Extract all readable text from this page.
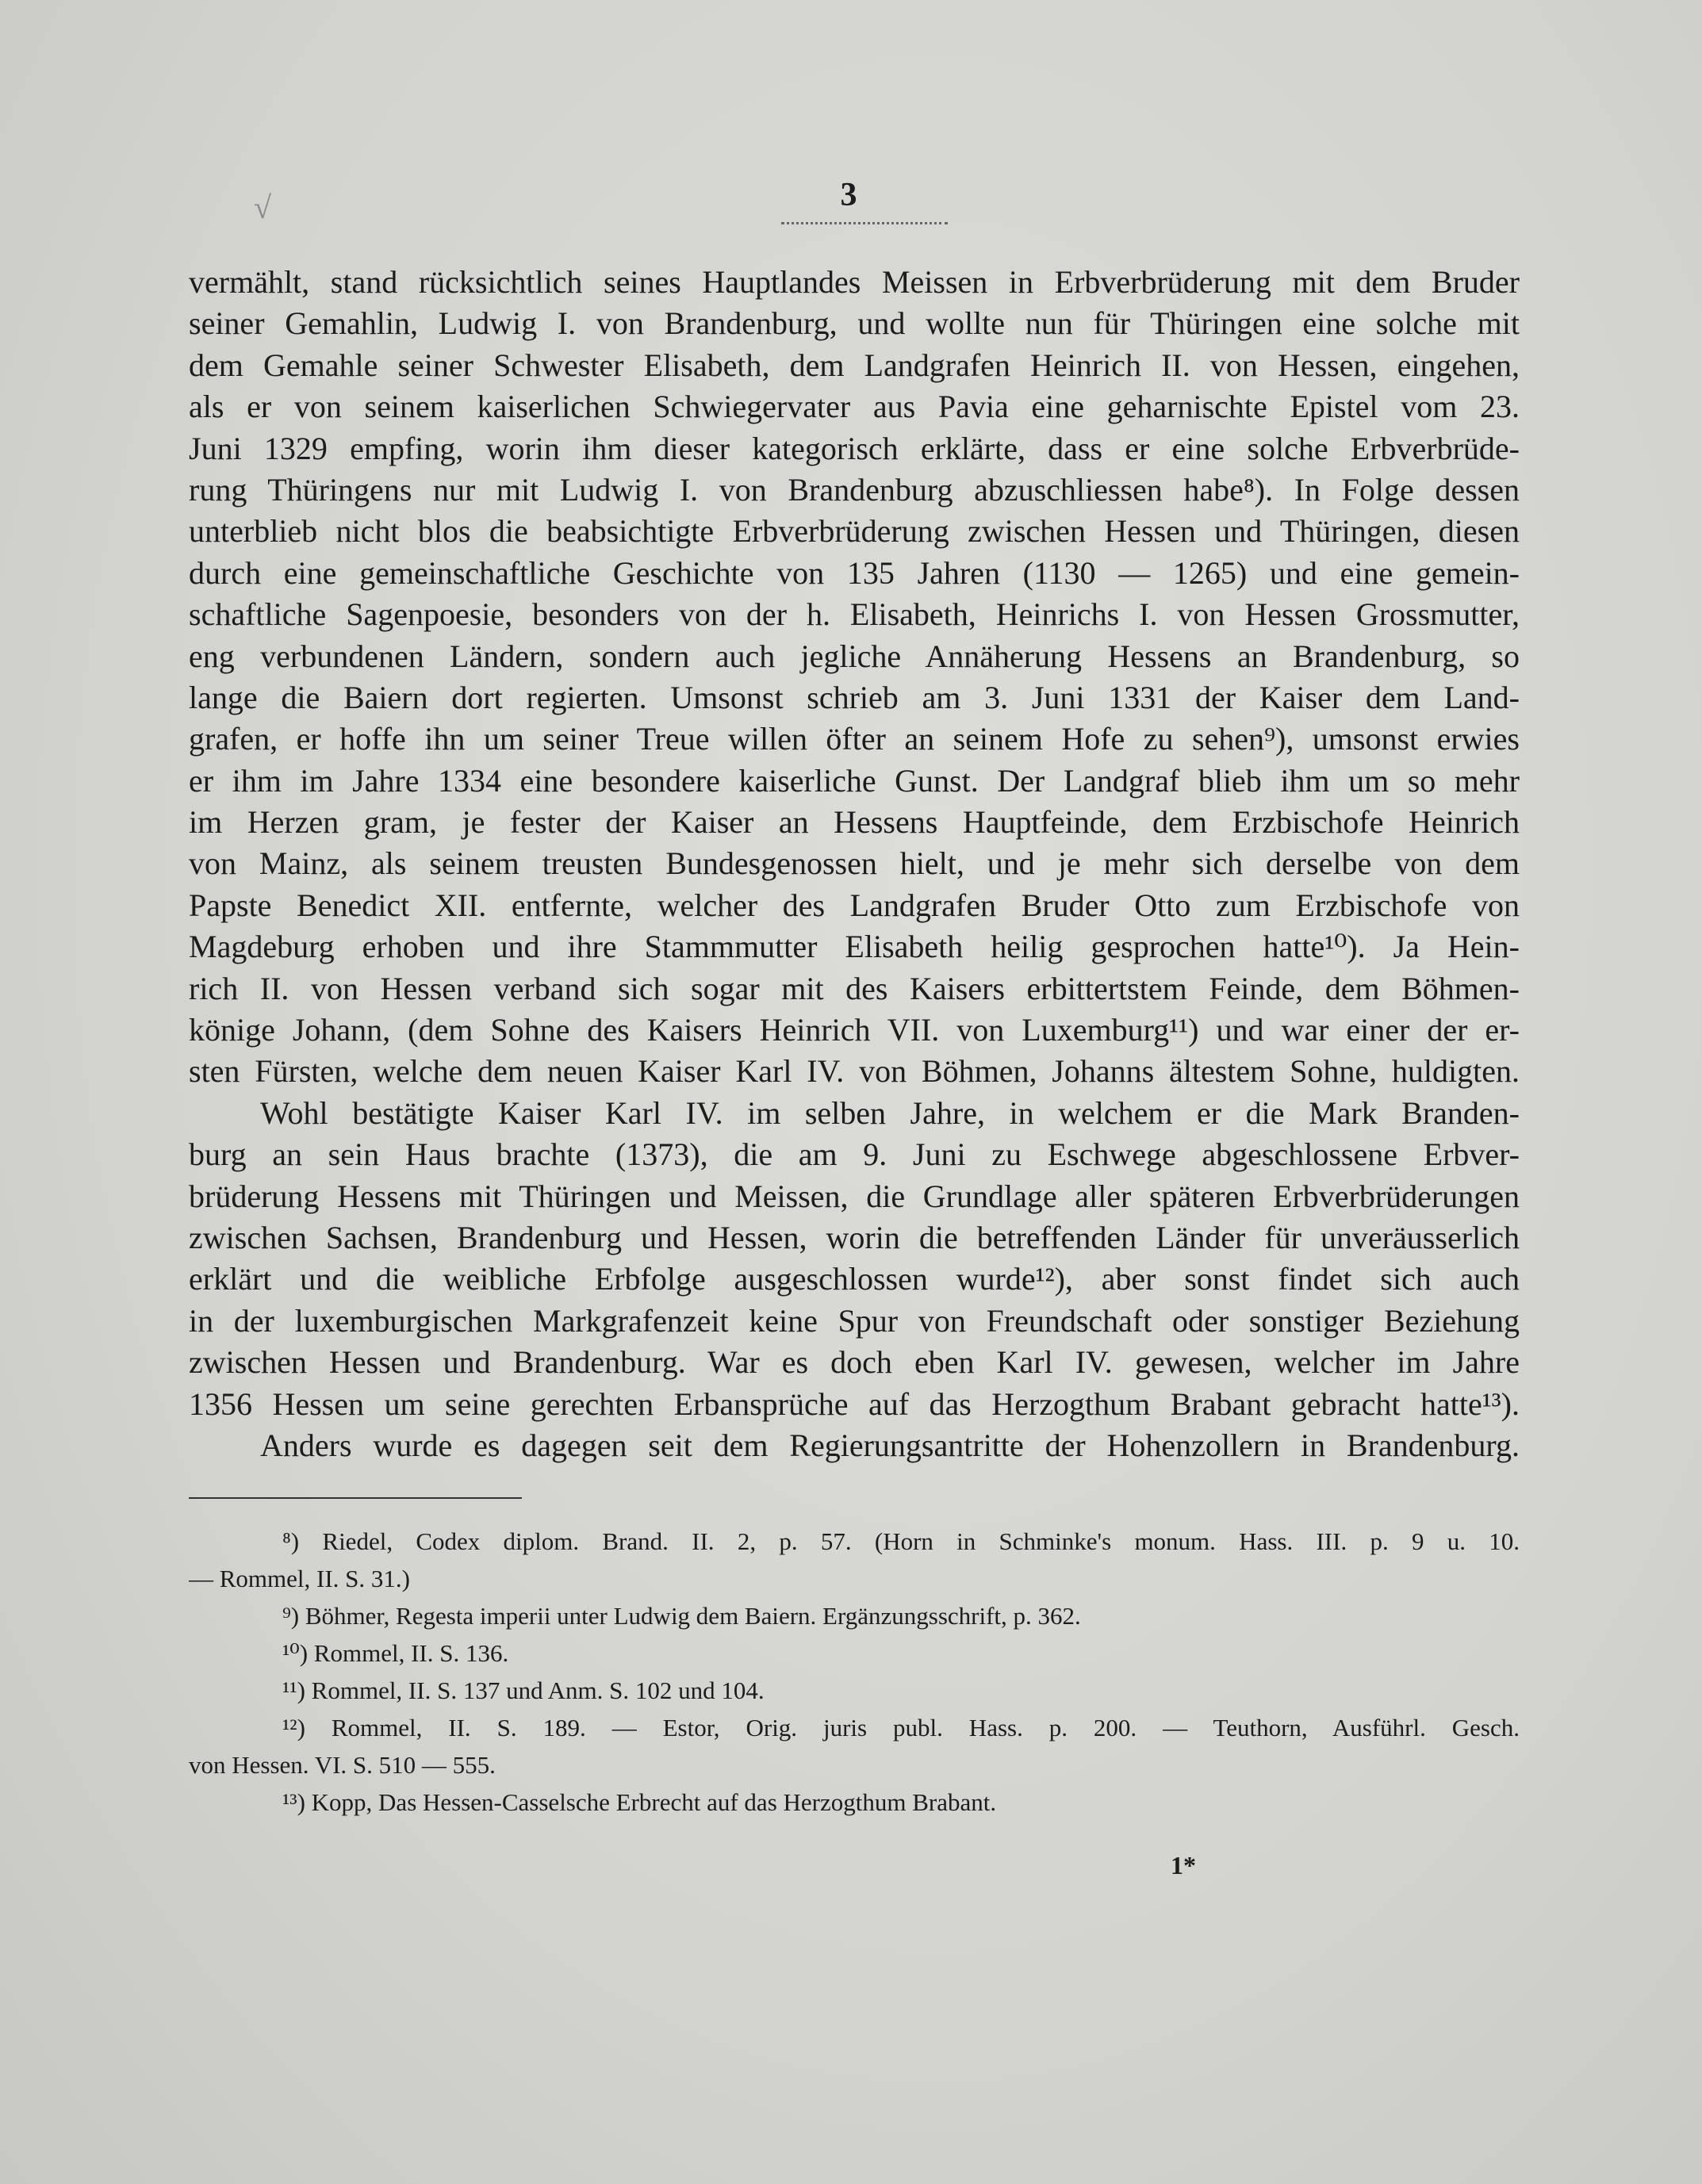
√	3
vermählt, stand rücksichtlich seines Hauptlandes Meissen in Erbverbrüderung mit dem Bruder
seiner Gemahlin, Ludwig I. von Brandenburg, und wollte nun für Thüringen eine solche mit
dem Gemahle seiner Schwester Elisabeth, dem Landgrafen Heinrich II. von Hessen, eingehen,
als er von seinem kaiserlichen Schwiegervater aus Pavia eine geharnischte Epistel vom 23.
Juni 1329 empfing, worin ihm dieser kategorisch erklärte, dass er eine solche Erbverbrüde-
rung Thüringens nur mit Ludwig I. von Brandenburg abzuschliessen habe⁸). In Folge dessen
unterblieb nicht blos die beabsichtigte Erbverbrüderung zwischen Hessen und Thüringen, diesen
durch eine gemeinschaftliche Geschichte von 135 Jahren (1130 — 1265) und eine gemein-
schaftliche Sagenpoesie, besonders von der h. Elisabeth, Heinrichs I. von Hessen Grossmutter,
eng verbundenen Ländern, sondern auch jegliche Annäherung Hessens an Brandenburg, so
lange die Baiern dort regierten. Umsonst schrieb am 3. Juni 1331 der Kaiser dem Land-
grafen, er hoffe ihn um seiner Treue willen öfter an seinem Hofe zu sehen⁹), umsonst erwies
er ihm im Jahre 1334 eine besondere kaiserliche Gunst. Der Landgraf blieb ihm um so mehr
im Herzen gram, je fester der Kaiser an Hessens Hauptfeinde, dem Erzbischofe Heinrich
von Mainz, als seinem treusten Bundesgenossen hielt, und je mehr sich derselbe von dem
Papste Benedict XII. entfernte, welcher des Landgrafen Bruder Otto zum Erzbischofe von
Magdeburg erhoben und ihre Stammmutter Elisabeth heilig gesprochen hatte¹⁰). Ja Hein-
rich II. von Hessen verband sich sogar mit des Kaisers erbittertstem Feinde, dem Böhmen-
könige Johann, (dem Sohne des Kaisers Heinrich VII. von Luxemburg¹¹) und war einer der er-
sten Fürsten, welche dem neuen Kaiser Karl IV. von Böhmen, Johanns ältestem Sohne, huldigten.
Wohl bestätigte Kaiser Karl IV. im selben Jahre, in welchem er die Mark Branden-
burg an sein Haus brachte (1373), die am 9. Juni zu Eschwege abgeschlossene Erbver-
brüderung Hessens mit Thüringen und Meissen, die Grundlage aller späteren Erbverbrüderungen
zwischen Sachsen, Brandenburg und Hessen, worin die betreffenden Länder für unveräusserlich
erklärt und die weibliche Erbfolge ausgeschlossen wurde¹²), aber sonst findet sich auch
in der luxemburgischen Markgrafenzeit keine Spur von Freundschaft oder sonstiger Beziehung
zwischen Hessen und Brandenburg. War es doch eben Karl IV. gewesen, welcher im Jahre
1356 Hessen um seine gerechten Erbansprüche auf das Herzogthum Brabant gebracht hatte¹³).
Anders wurde es dagegen seit dem Regierungsantritte der Hohenzollern in Brandenburg.
⁸) Riedel, Codex diplom. Brand. II. 2, p. 57. (Horn in Schminke's monum. Hass. III. p. 9 u. 10.
— Rommel, II. S. 31.)
⁹) Böhmer, Regesta imperii unter Ludwig dem Baiern. Ergänzungsschrift, p. 362.
¹⁰) Rommel, II. S. 136.
¹¹) Rommel, II. S. 137 und Anm. S. 102 und 104.
¹²) Rommel, II. S. 189. — Estor, Orig. juris publ. Hass. p. 200. — Teuthorn, Ausführl. Gesch.
von Hessen. VI. S. 510 — 555.
¹³) Kopp, Das Hessen-Casselsche Erbrecht auf das Herzogthum Brabant.
1*
